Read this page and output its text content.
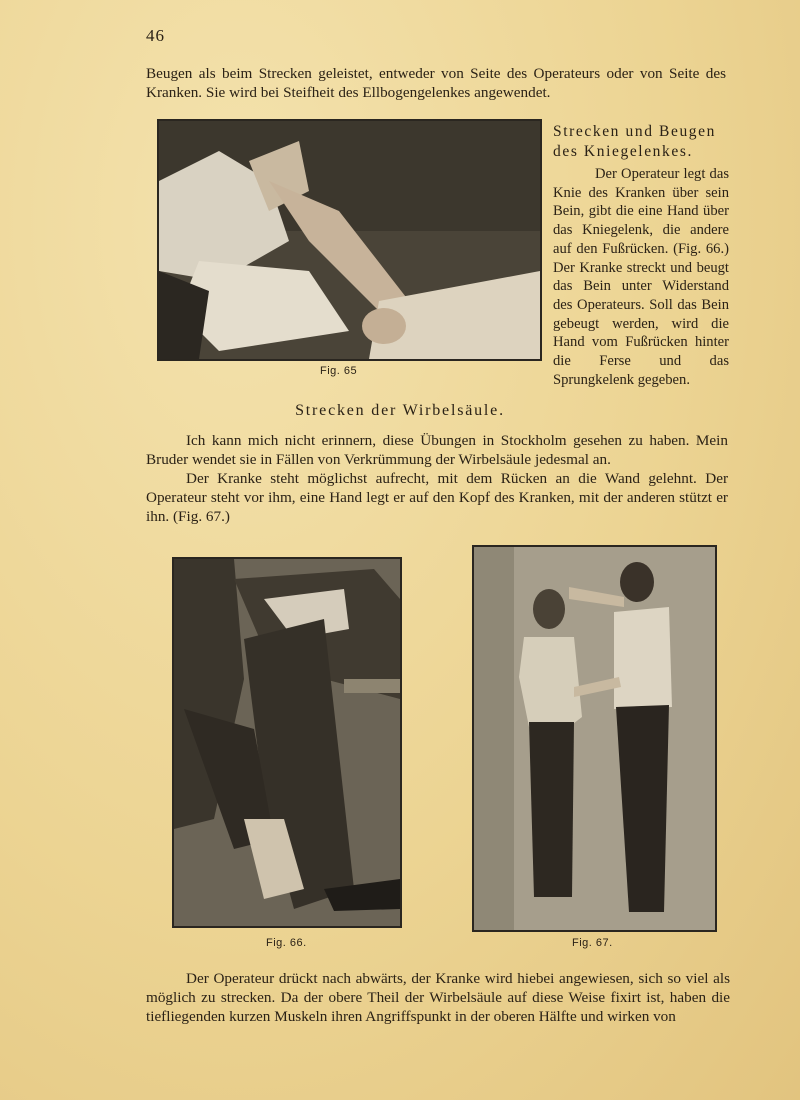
46
Beugen als beim Strecken geleistet, entweder von Seite des Operateurs oder von Seite des Kranken. Sie wird bei Steifheit des Ellbogengelenkes angewendet.
Fig. 65
Strecken und Beugen des Kniegelenkes.
Der Operateur legt das Knie des Kranken über sein Bein, gibt die eine Hand über das Kniegelenk, die andere auf den Fußrücken. (Fig. 66.) Der Kranke streckt und beugt das Bein unter Widerstand des Operateurs. Soll das Bein gebeugt werden, wird die Hand vom Fußrücken hinter die Ferse und das Sprungkelenk gegeben.
Strecken der Wirbelsäule.

Ich kann mich nicht erinnern, diese Übungen in Stockholm gesehen zu haben. Mein Bruder wendet sie in Fällen von Verkrümmung der Wirbelsäule jedesmal an.

Der Kranke steht möglichst aufrecht, mit dem Rücken an die Wand gelehnt. Der Operateur steht vor ihm, eine Hand legt er auf den Kopf des Kranken, mit der anderen stützt er ihn. (Fig. 67.)

Fig. 66.	Fig. 67.

Der Operateur drückt nach abwärts, der Kranke wird hiebei angewiesen, sich so viel als möglich zu strecken. Da der obere Theil der Wirbelsäule auf diese Weise fixirt ist, haben die tiefliegenden kurzen Muskeln ihren Angriffspunkt in der oberen Hälfte und wirken von
